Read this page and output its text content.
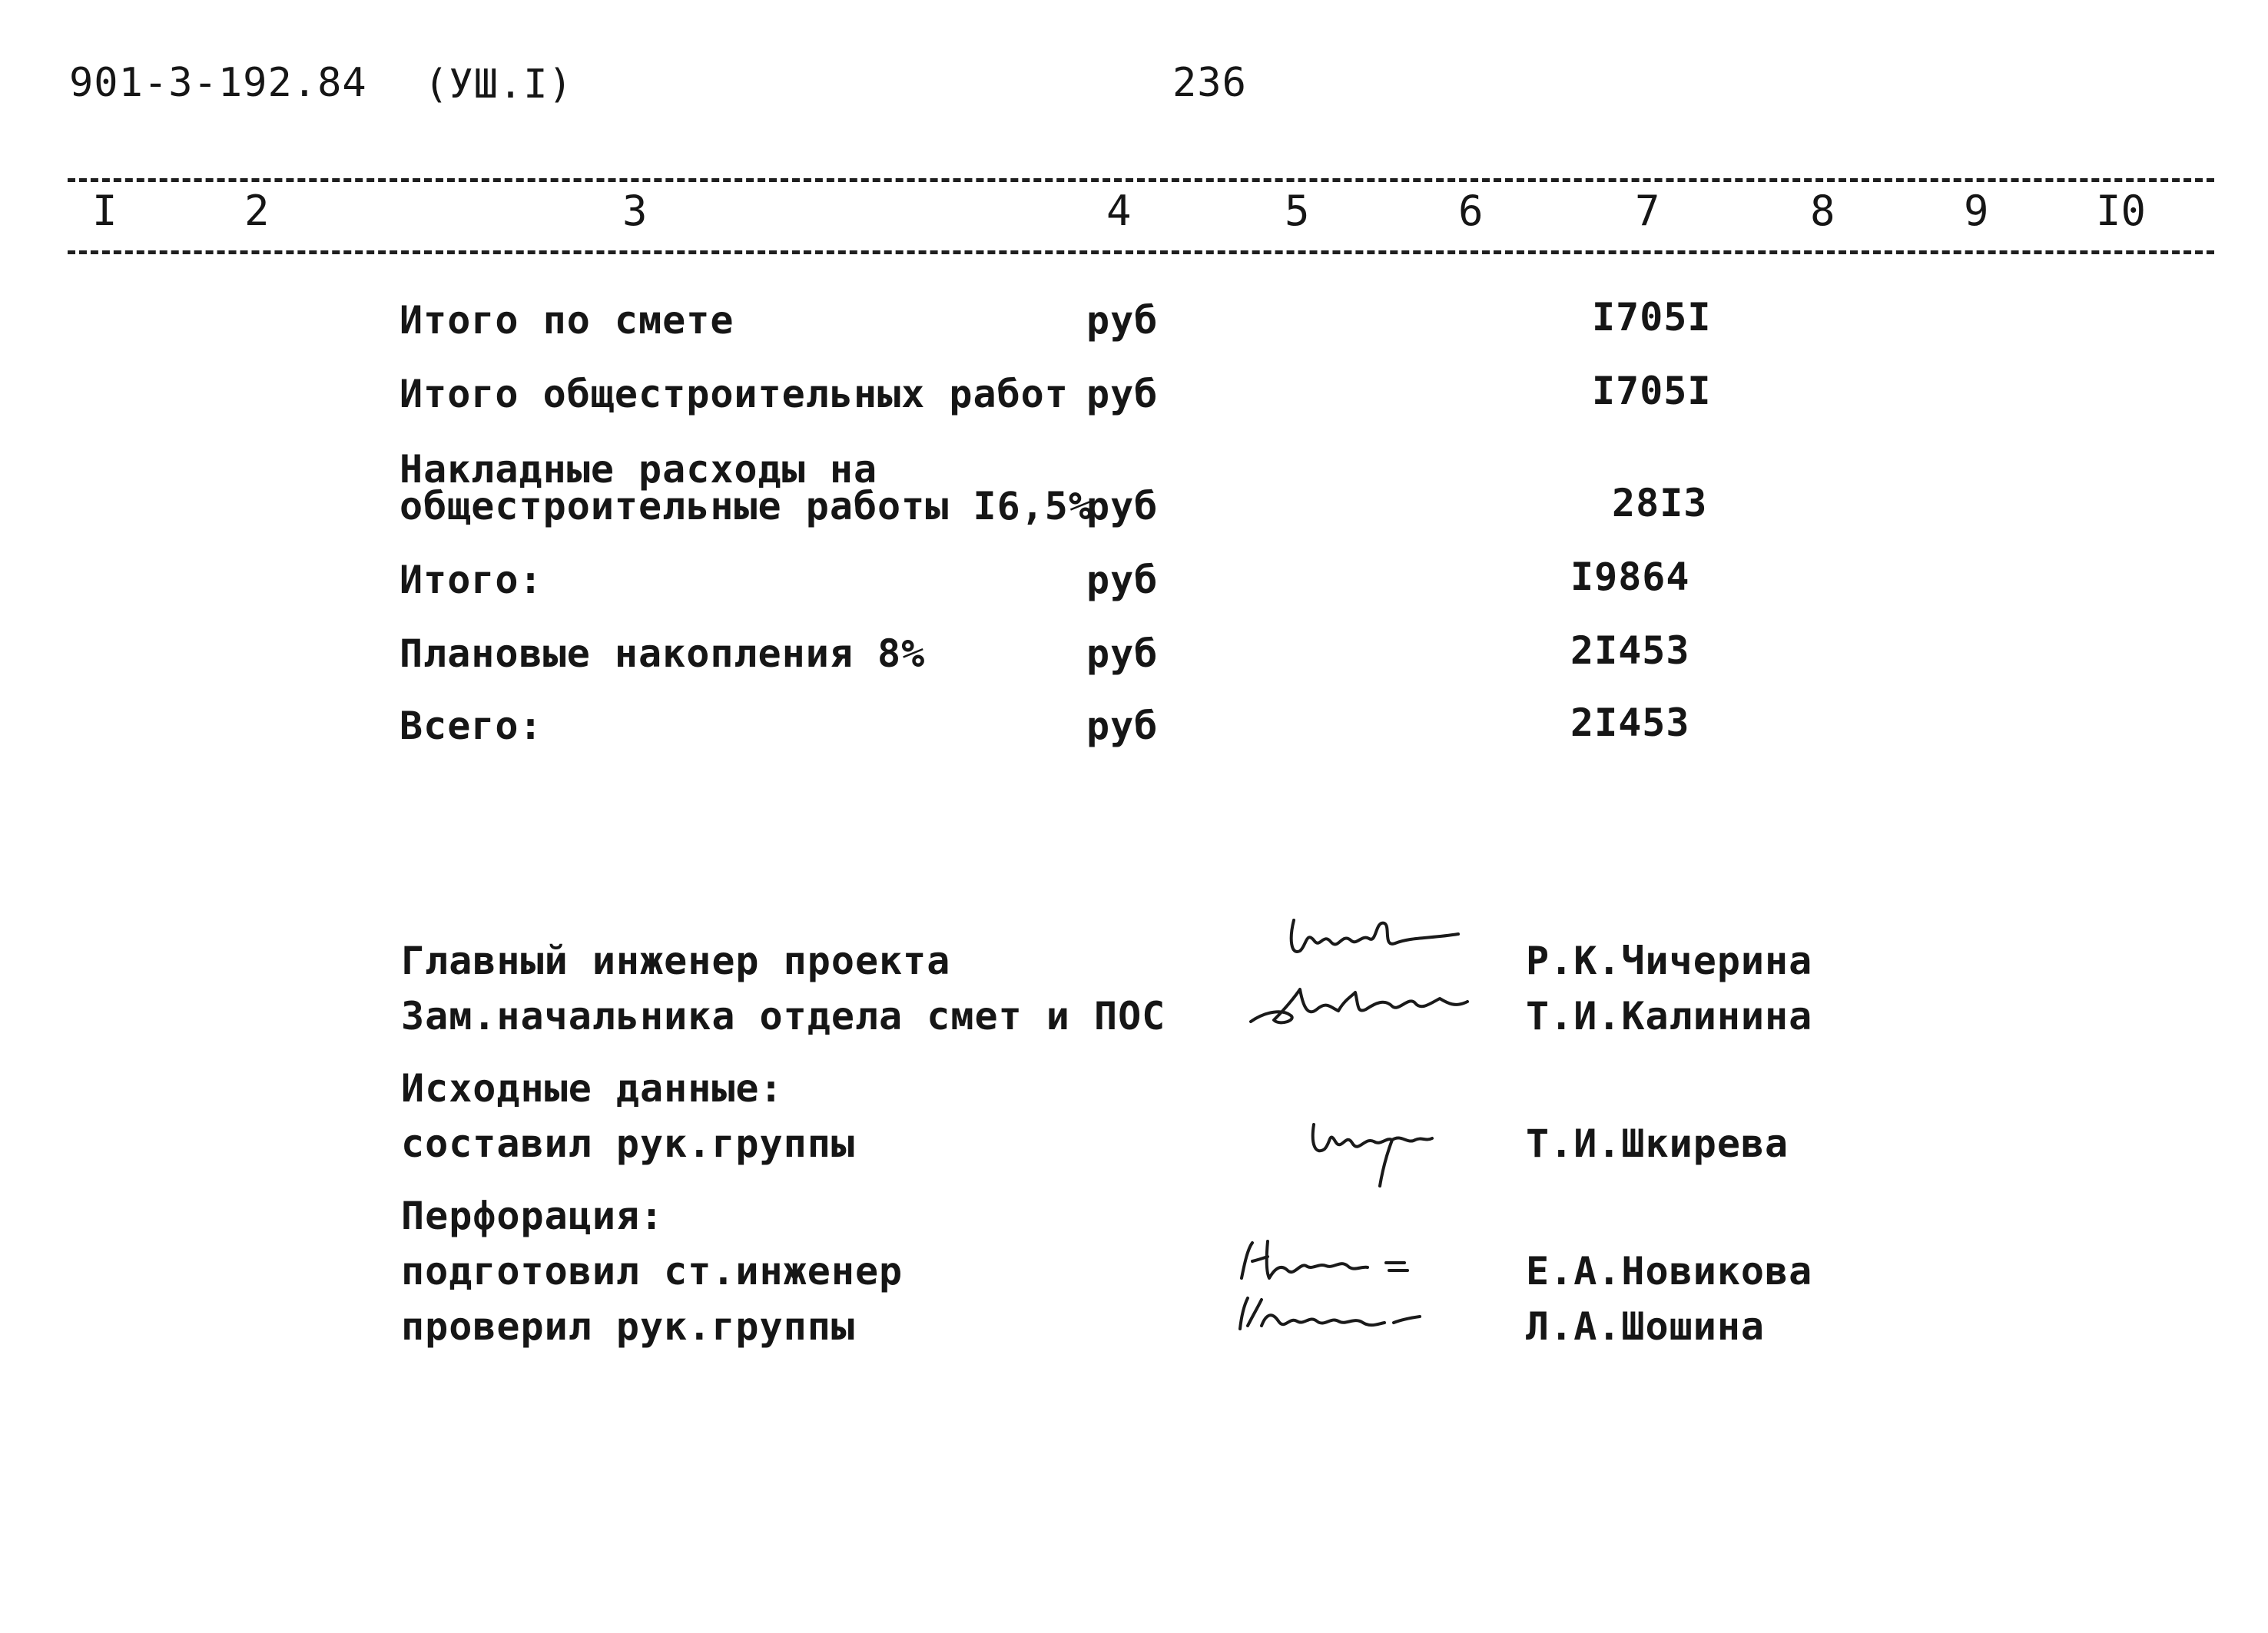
901-3-192.84 (УШ.I)	236
I	2	3	4	5	6	7	8	9	I0
Итого по смете	руб	I705I
Итого общестроительных работ руб	I705I
Накладные расходы на
общестроительные работы I6,5%
руб	28I3
Итого:	руб	I9864
Плановые накопления 8%	руб	2I453
Всего:	руб	2I453
Главный инженер проекта	Р.К.Чичерина
Зам.начальника отдела смет и ПОС	Т.И.Калинина
Исходные данные:
составил рук.группы	Т.И.Шкирева
Перфорация:
подготовил ст.инженер	Е.А.Новикова
проверил рук.группы	Л.А.Шошина
